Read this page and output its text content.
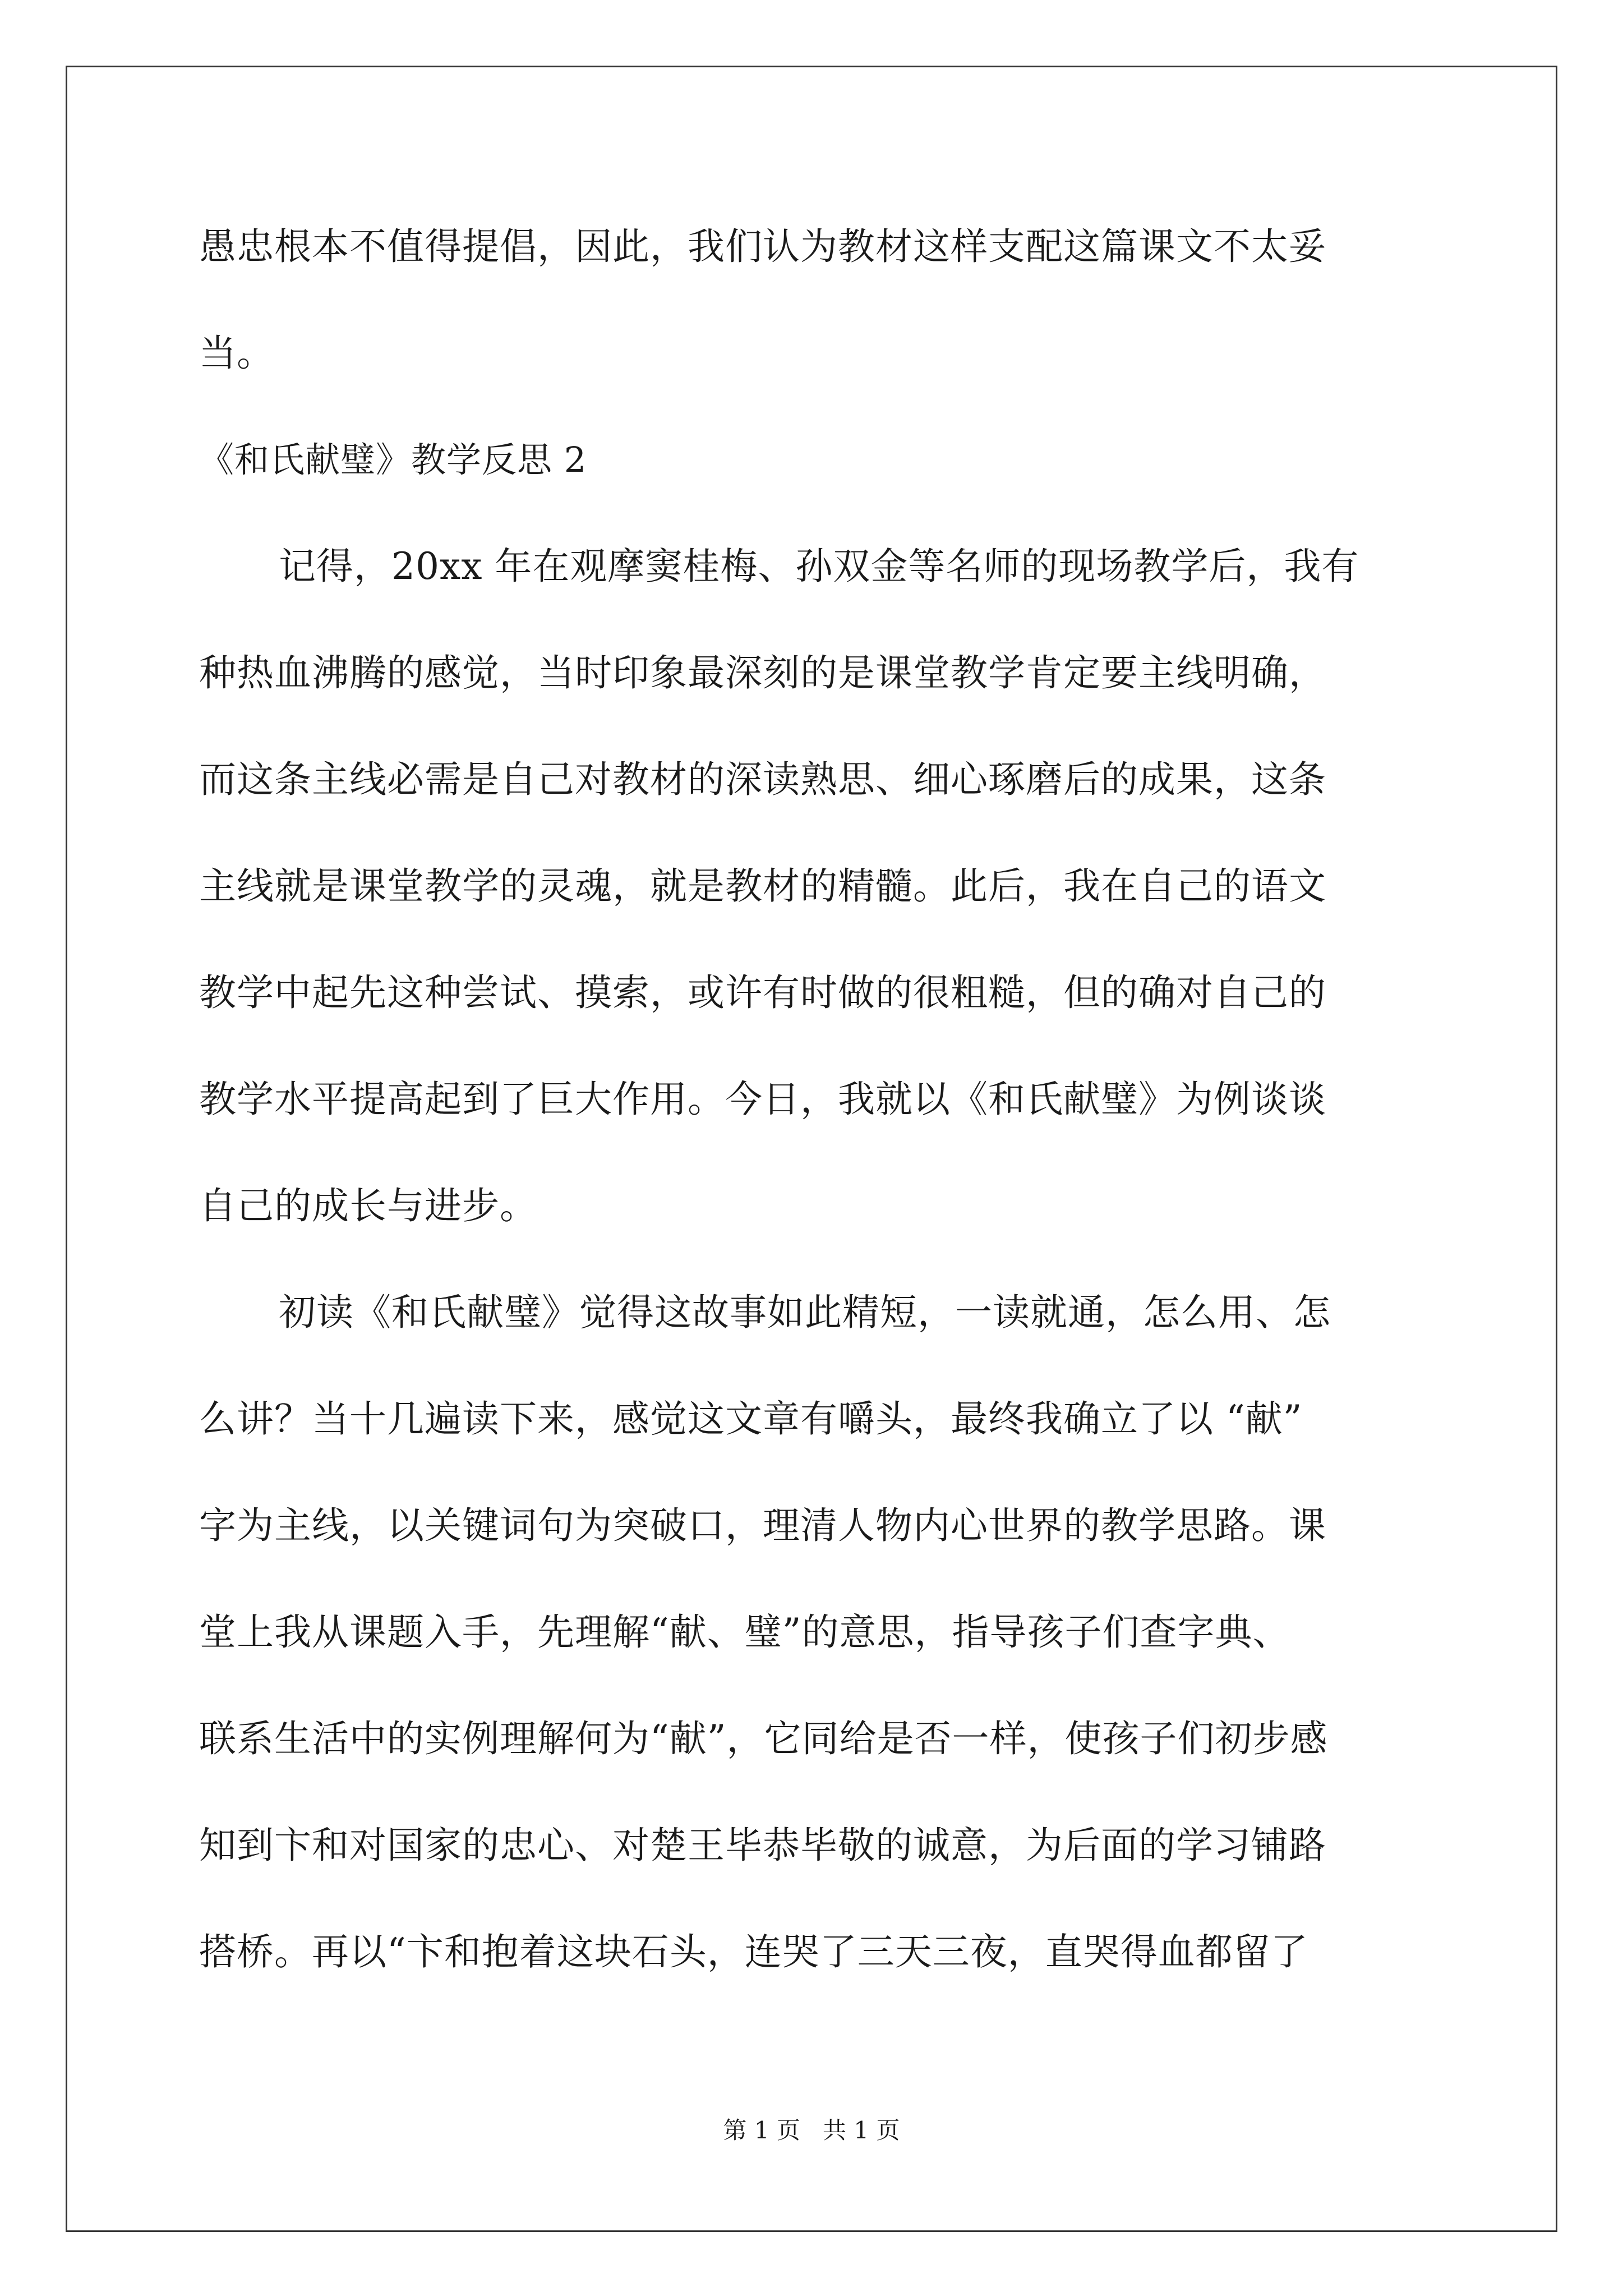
愚忠根本不值得提倡，因此，我们认为教材这样支配这篇课文不太妥
当。
《和氏献璧》教学反思 2
记得，20xx 年在观摩窦桂梅、孙双金等名师的现场教学后，我有
种热血沸腾的感觉，当时印象最深刻的是课堂教学肯定要主线明确，
而这条主线必需是自己对教材的深读熟思、细心琢磨后的成果，这条
主线就是课堂教学的灵魂，就是教材的精髓。此后，我在自己的语文
教学中起先这种尝试、摸索，或许有时做的很粗糙，但的确对自己的
教学水平提高起到了巨大作用。今日，我就以《和氏献璧》为例谈谈
自己的成长与进步。
初读《和氏献璧》觉得这故事如此精短，一读就通，怎么用、怎
么讲？当十几遍读下来，感觉这文章有嚼头，最终我确立了以 “献”
字为主线，以关键词句为突破口，理清人物内心世界的教学思路。课
堂上我从课题入手，先理解“献、璧”的意思，指导孩子们查字典、
联系生活中的实例理解何为“献”，它同给是否一样，使孩子们初步感
知到卞和对国家的忠心、对楚王毕恭毕敬的诚意，为后面的学习铺路
搭桥。再以“卞和抱着这块石头，连哭了三天三夜，直哭得血都留了
第 1 页   共 1 页
